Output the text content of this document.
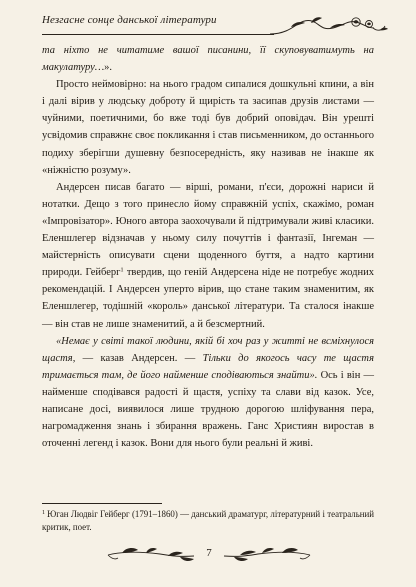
Незгасне сонце данської літератури

та ніхто не читатиме вашої писанини, її скуповуватимуть на макулатуру…».

Просто неймовірно: на нього градом сипалися дошкульні кпини, а він і далі вірив у людську доброту й щирість та засипав друзів листами — чуйними, поетичними, бо вже тоді був добрий оповідач. Він урешті усвідомив справжнє своє покликання і став письменником, до останнього подиху зберігши душевну безпосередність, яку називав не інакше як «ніжністю розуму».

Андерсен писав багато — вірші, романи, п'єси, дорожні нариси й нотатки. Дещо з того принесло йому справжній успіх, скажімо, роман «Імпровізатор». Юного автора заохочували й підтримували живі класики. Еленшлегер відзначав у ньому силу почуттів і фантазії, Інгеман — майстерність описувати сцени щоденного буття, а надто картини природи. Гейберг$^1$ твердив, що геній Андерсена ніде не потребує жодних рекомендацій. І Андерсен уперто вірив, що стане таким знаменитим, як Еленшлегер, тодішній «король» данської літератури. Та сталося інакше — він став не лише знаменитий, а й безсмертний.

«Немає у світі такої людини, якій бі хоч раз у житті не всміхнулося щастя, — казав Андерсен. — Тільки до якогось часу те щастя тримається там, де його найменше сподіваються знайти». Ось і він — найменше сподівався радості й щастя, успіху та слави від казок. Усе, написане досі, виявилося лише трудною дорогою шліфування пера, нагромадження знань і збирання вражень. Ганс Християн виростав в оточенні легенд і казок. Вони для нього були реальні й живі.

$^1$ Юган Людвіг Гейберг (1791–1860) — данський драматург, літературний і театральний критик, поет.
7
